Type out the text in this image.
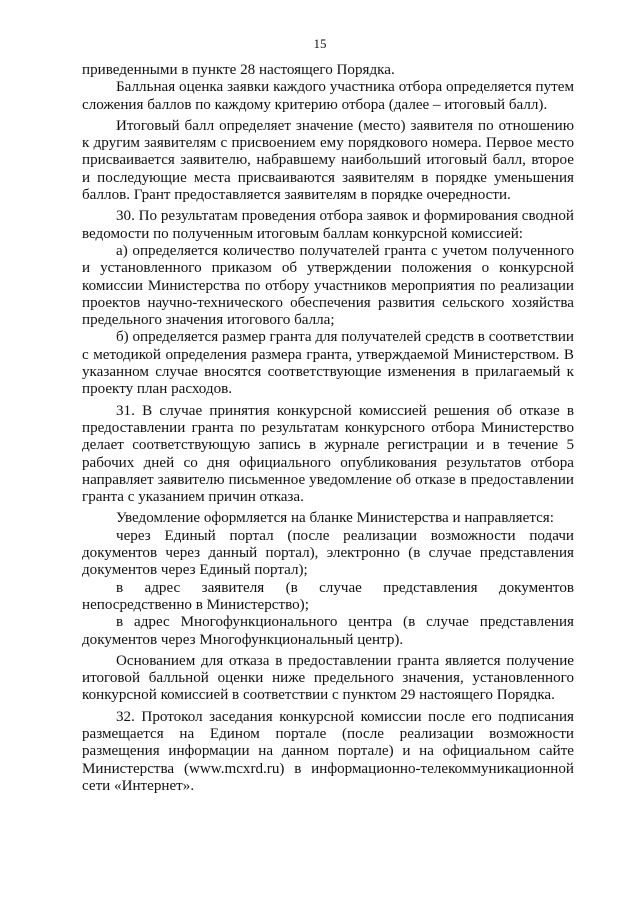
15

приведенными в пункте 28 настоящего Порядка.

Балльная оценка заявки каждого участника отбора определяется путем сложения баллов по каждому критерию отбора (далее – итоговый балл).

Итоговый балл определяет значение (место) заявителя по отношению к другим заявителям с присвоением ему порядкового номера. Первое место присваивается заявителю, набравшему наибольший итоговый балл, второе и последующие места присваиваются заявителям в порядке уменьшения баллов. Грант предоставляется заявителям в порядке очередности.

30. По результатам проведения отбора заявок и формирования сводной ведомости по полученным итоговым баллам конкурсной комиссией:

а) определяется количество получателей гранта с учетом полученного и установленного приказом об утверждении положения о конкурсной комиссии Министерства по отбору участников мероприятия по реализации проектов научно-технического обеспечения развития сельского хозяйства предельного значения итогового балла;

б) определяется размер гранта для получателей средств в соответствии с методикой определения размера гранта, утверждаемой Министерством. В указанном случае вносятся соответствующие изменения в прилагаемый к проекту план расходов.

31. В случае принятия конкурсной комиссией решения об отказе в предоставлении гранта по результатам конкурсного отбора Министерство делает соответствующую запись в журнале регистрации и в течение 5 рабочих дней со дня официального опубликования результатов отбора направляет заявителю письменное уведомление об отказе в предоставлении гранта с указанием причин отказа.

Уведомление оформляется на бланке Министерства и направляется:

через Единый портал (после реализации возможности подачи документов через данный портал), электронно (в случае представления документов через Единый портал);

в адрес заявителя (в случае представления документов непосредственно в Министерство);

в адрес Многофункционального центра (в случае представления документов через Многофункциональный центр).

Основанием для отказа в предоставлении гранта является получение итоговой балльной оценки ниже предельного значения, установленного конкурсной комиссией в соответствии с пунктом 29 настоящего Порядка.

32. Протокол заседания конкурсной комиссии после его подписания размещается на Едином портале (после реализации возможности размещения информации на данном портале) и на официальном сайте Министерства (www.mcxrd.ru) в информационно-телекоммуникационной сети «Интернет».
